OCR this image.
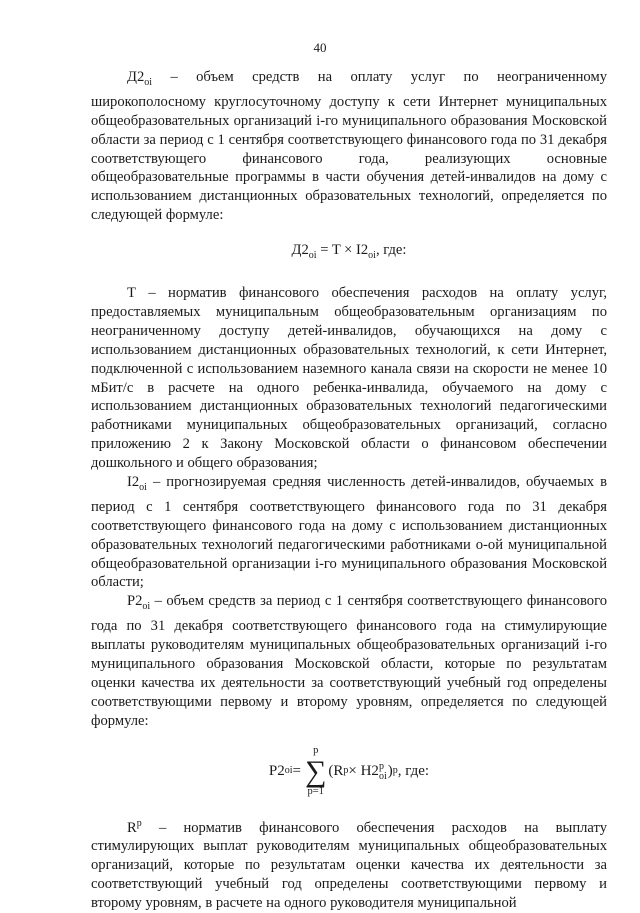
40

$Д2_{oi}$ – объем средств на оплату услуг по неограниченному широкополосному круглосуточному доступу к сети Интернет муниципальных общеобразовательных организаций i-го муниципального образования Московской области за период с 1 сентября соответствующего финансового года по 31 декабря соответствующего финансового года, реализующих основные общеобразовательные программы в части обучения детей-инвалидов на дому с использованием дистанционных образовательных технологий, определяется по следующей формуле:

$Д2_{oi} = T \times I2_{oi}$, где:

Т – норматив финансового обеспечения расходов на оплату услуг, предоставляемых муниципальным общеобразовательным организациям по неограниченному доступу детей-инвалидов, обучающихся на дому с использованием дистанционных образовательных технологий, к сети Интернет, подключенной с использованием наземного канала связи на скорости не менее 10 мБит/с в расчете на одного ребенка-инвалида, обучаемого на дому с использованием дистанционных образовательных технологий педагогическими работниками муниципальных общеобразовательных организаций, согласно приложению 2 к Закону Московской области о финансовом обеспечении дошкольного и общего образования;

$I2_{oi}$ – прогнозируемая средняя численность детей-инвалидов, обучаемых в период с 1 сентября соответствующего финансового года по 31 декабря соответствующего финансового года на дому с использованием дистанционных образовательных технологий педагогическими работниками о-ой муниципальной общеобразовательной организации i-го муниципального образования Московской области;

$Р2_{oi}$ – объем средств за период с 1 сентября соответствующего финансового года по 31 декабря соответствующего финансового года на стимулирующие выплаты руководителям муниципальных общеобразовательных организаций i-го муниципального образования Московской области, которые по результатам оценки качества их деятельности за соответствующий учебный год определены соответствующими первому и второму уровням, определяется по следующей формуле:

P2 oi =
p
∑
p=1
(R p × H2 p
oi ) p , где:

$R^p$ – норматив финансового обеспечения расходов на выплату стимулирующих выплат руководителям муниципальных общеобразовательных организаций, которые по результатам оценки качества их деятельности за соответствующий учебный год определены соответствующими первому и второму уровням, в расчете на одного руководителя муниципальной
